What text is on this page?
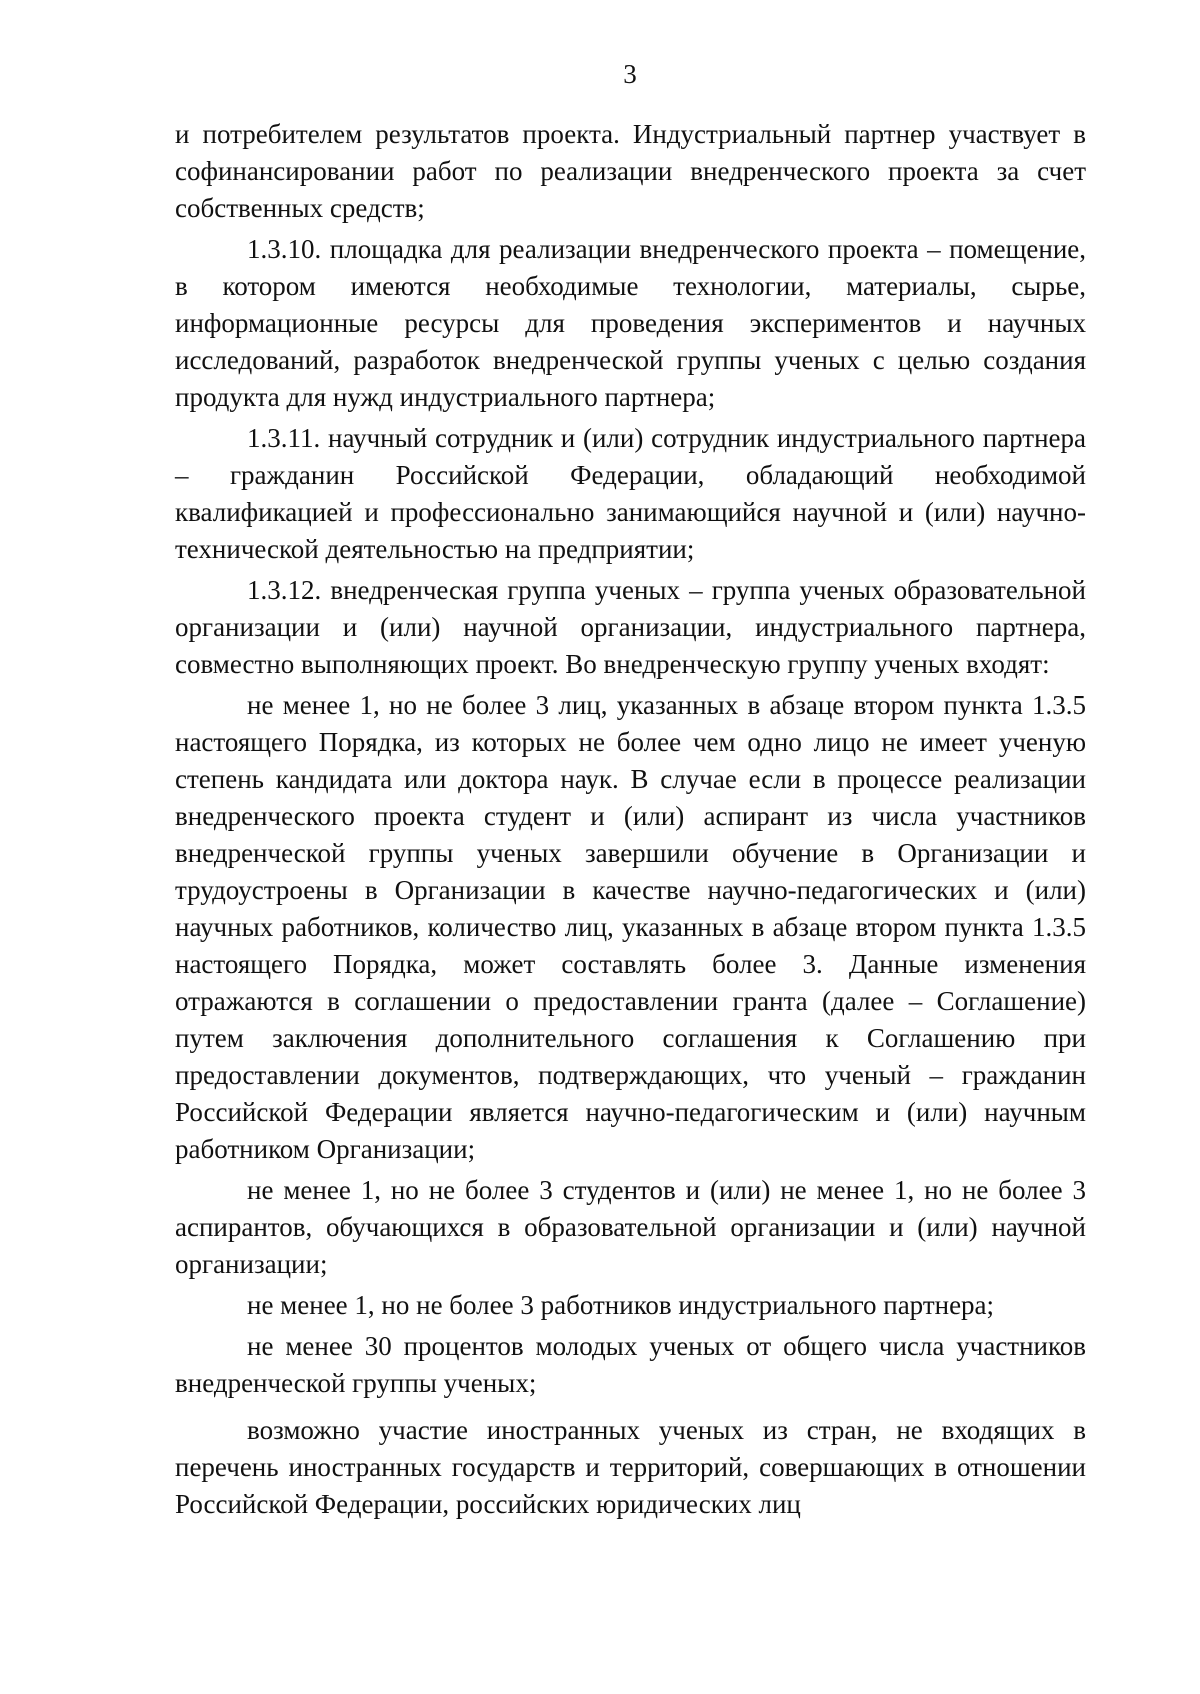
3

и потребителем результатов проекта. Индустриальный партнер участвует в софинансировании работ по реализации внедренческого проекта за счет собственных средств;

1.3.10. площадка для реализации внедренческого проекта – помещение, в котором имеются необходимые технологии, материалы, сырье, информационные ресурсы для проведения экспериментов и научных исследований, разработок внедренческой группы ученых с целью создания продукта для нужд индустриального партнера;

1.3.11. научный сотрудник и (или) сотрудник индустриального партнера – гражданин Российской Федерации, обладающий необходимой квалификацией и профессионально занимающийся научной и (или) научно-технической деятельностью на предприятии;

1.3.12. внедренческая группа ученых – группа ученых образовательной организации и (или) научной организации, индустриального партнера, совместно выполняющих проект. Во внедренческую группу ученых входят:

не менее 1, но не более 3 лиц, указанных в абзаце втором пункта 1.3.5 настоящего Порядка, из которых не более чем одно лицо не имеет ученую степень кандидата или доктора наук. В случае если в процессе реализации внедренческого проекта студент и (или) аспирант из числа участников внедренческой группы ученых завершили обучение в Организации и трудоустроены в Организации в качестве научно-педагогических и (или) научных работников, количество лиц, указанных в абзаце втором пункта 1.3.5 настоящего Порядка, может составлять более 3. Данные изменения отражаются в соглашении о предоставлении гранта (далее – Соглашение) путем заключения дополнительного соглашения к Соглашению при предоставлении документов, подтверждающих, что ученый – гражданин Российской Федерации является научно-педагогическим и (или) научным работником Организации;

не менее 1, но не более 3 студентов и (или) не менее 1, но не более 3 аспирантов, обучающихся в образовательной организации и (или) научной организации;

не менее 1, но не более 3 работников индустриального партнера;

не менее 30 процентов молодых ученых от общего числа участников внедренческой группы ученых;

возможно участие иностранных ученых из стран, не входящих в перечень иностранных государств и территорий, совершающих в отношении Российской Федерации, российских юридических лиц
